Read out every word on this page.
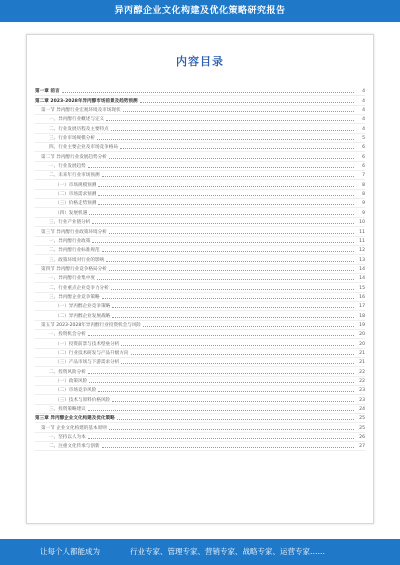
异丙醇企业文化构建及优化策略研究报告
内容目录
第一章 前言	4
第二章 2023-2028年异丙醇市场前景及趋势预测	4
第一节 异丙醇行业宏观环境及市场现状	4
一、异丙醇行业概述与定义	4
二、行业发展历程及主要特点	4
三、行业市场规模分析	5
四、行业主要企业及市场竞争格局	6
第二节 异丙醇行业发展趋势分析	6
一、行业发展趋势	6
二、未来年行业市场预测	7
（一）市场规模预测	8
（二）市场需求预测	8
（三）价格走势预测	9
（四）发展机遇	9
三、行业产业链分析	10
第三节 异丙醇行业政策环境分析	11
一、异丙醇行业政策	11
二、异丙醇行业标准规范	12
三、政策环境对行业的影响	13
第四节 异丙醇行业竞争格局分析	14
一、异丙醇行业集中度	14
二、行业重点企业竞争力分析	15
三、异丙醇企业竞争策略	16
（一）异丙醇企业竞争策略	17
（二）异丙醇企业发展战略	18
第五节 2023-2028年异丙醇行业投资机会与风险	19
一、投资机会分析	20
（一）投资前景与技术壁垒分析	20
（二）行业技术研发与产品升级方向	21
（三）产品市场与下游需求分析	21
二、投资风险分析	22
（一）政策风险	22
（二）市场竞争风险	23
（三）技术与原料价格风险	23
三、投资策略建议	24
第三章 异丙醇企业文化构建及优化策略	25
第一节 企业文化构建的基本原则	25
一、坚持以人为本	26
二、注重文化传承与创新	27
让每个人都能成为	行业专家、管理专家、营销专家、战略专家、运营专家……
